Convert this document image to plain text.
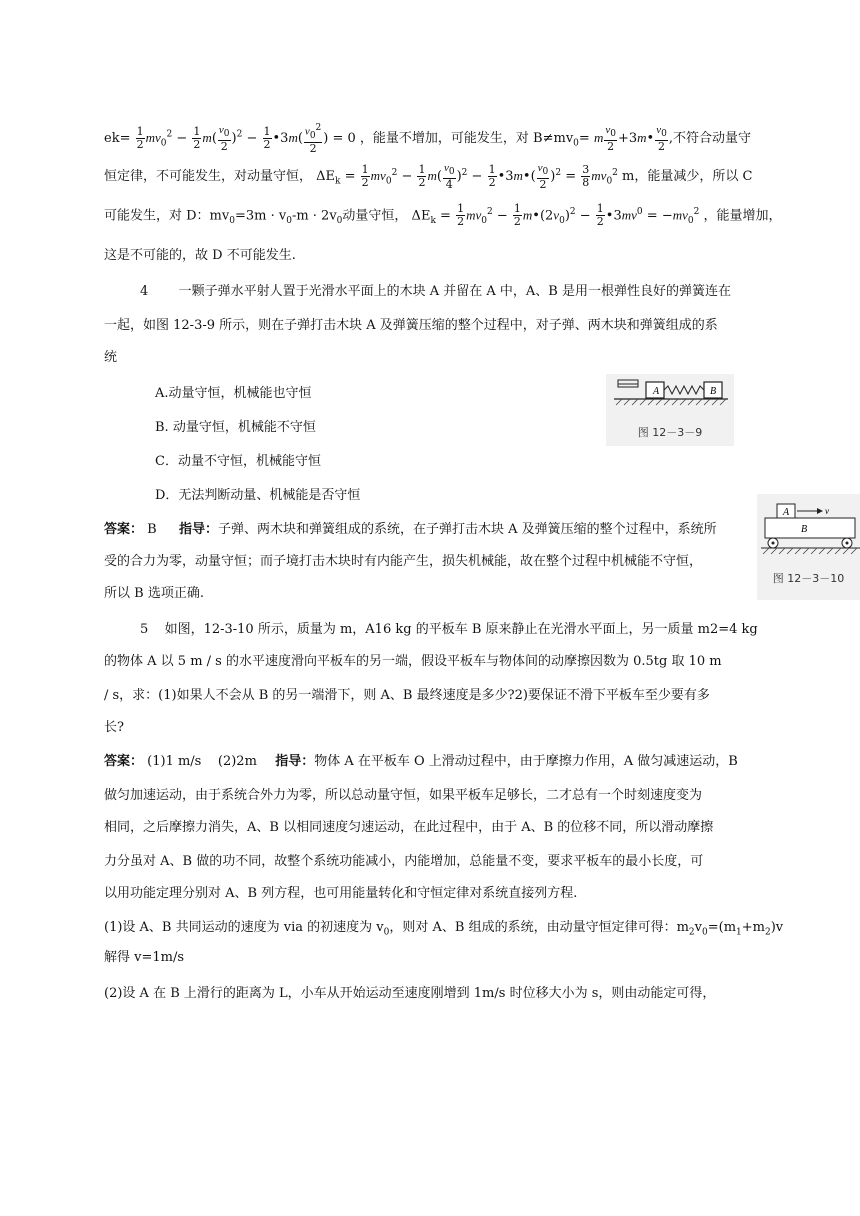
$ek= \frac{1}{2} mv_0^2 - \frac{1}{2} m( \frac{v_0}{2} )^2 - \frac{1}{2}$ •3m( $\frac{v_0^2}{2}$ ) = 0 ，能量不增加，可能发生，对 $B\ne mv_0= m \frac{v_0}{2}$ +3m• $\frac{v_0}{2}$ ,不符合动量守
恒定律，不可能发生，对动量守恒， $\Delta E_k = \frac{1}{2} mv_0^2 - \frac{1}{2} m( \frac{v_0}{4} )^2 - \frac{1}{2}$ •3m•( $\frac{v_0}{2} )^2 = \frac{3}{8} mv_0^2$ m，能量减少，所以 C
可能发生，对 D：$mv_0=3m \cdot v_0-m \cdot 2v_0$动量守恒， $\Delta E_k = \frac{1}{2} mv_0^2 - \frac{1}{2}$ $m•(2v_0)^2 - \frac{1}{2}$ $•3mv^0 = -mv_0^2$ ，能量增加，
这是不可能的，故 D 不可能发生.
4 一颗子弹水平射人置于光滑水平面上的木块 A 并留在 A 中，A、B 是用一根弹性良好的弹簧连在
一起，如图 12-3-9 所示，则在子弹打击木块 A 及弹簧压缩的整个过程中，对子弹、两木块和弹簧组成的系
统
A.动量守恒，机械能也守恒
B. 动量守恒，机械能不守恒
C．动量不守恒，机械能守恒
D．无法判断动量、机械能是否守恒
A	B
图 12－3－9
答案： B 指导：子弹、两木块和弹簧组成的系统，在子弹打击木块 A 及弹簧压缩的整个过程中，系统所
受的合力为零，动量守恒；而子境打击木块时有内能产生，损失机械能，故在整个过程中机械能不守恒，
所以 B 选项正确.
A	v
B
图 12－3－10
5 如图，12-3-10 所示，质量为 m，A16 kg 的平板车 B 原来静止在光滑水平面上，另一质量 m2=4 kg
的物体 A 以 5 m / s 的水平速度滑向平板车的另一端，假设平板车与物体间的动摩擦因数为 0.5tg 取 10 m
/ s，求：(1)如果人不会从 B 的另一端滑下，则 A、B 最终速度是多少?2)要保证不滑下平板车至少要有多
长?
答案： (1)1 m/s    (2)2m 指导：物体 A 在平板车 O 上滑动过程中，由于摩擦力作用，A 做匀减速运动，B
做匀加速运动，由于系统合外力为零，所以总动量守恒，如果平板车足够长，二才总有一个时刻速度变为
相同，之后摩擦力消失，A、B 以相同速度匀速运动，在此过程中，由于 A、B 的位移不同，所以滑动摩擦
力分虽对 A、B 做的功不同，故整个系统功能减小，内能增加，总能量不变，要求平板车的最小长度，可
以用功能定理分别对 A、B 列方程，也可用能量转化和守恒定律对系统直接列方程.
(1)设 A、B 共同运动的速度为 via 的初速度为 $v_0$，则对 A、B 组成的系统，由动量守恒定律可得：$m_2v_0=(m_1+m_2)v$
解得 v=1m/s
(2)设 A 在 B 上滑行的距离为 L，小车从开始运动至速度刚增到 1m/s 时位移大小为 s，则由动能定可得，
